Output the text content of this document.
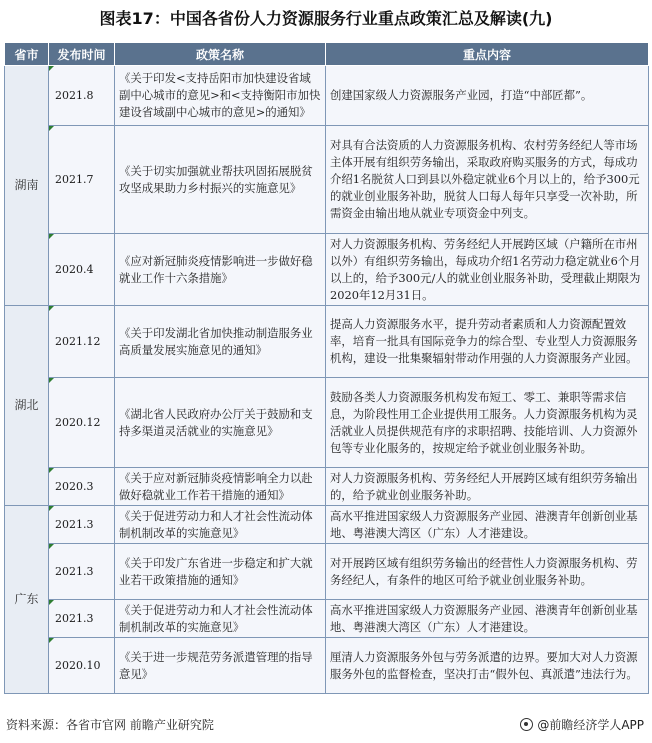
图表17：中国各省份人力资源服务行业重点政策汇总及解读(九)
省市	发布时间	政策名称	重点内容
湖南	2021.8	《关于印发<支持岳阳市加快建设省域副中心城市的意见>和<支持衡阳市加快建设省域副中心城市的意见>的通知》	创建国家级人力资源服务产业园，打造“中部匠都”。

2021.7	《关于切实加强就业帮扶巩固拓展脱贫攻坚成果助力乡村振兴的实施意见》	对具有合法资质的人力资源服务机构、农村劳务经纪人等市场主体开展有组织劳务输出，采取政府购买服务的方式，每成功介绍1名脱贫人口到县以外稳定就业6个月以上的，给予300元的就业创业服务补助，脱贫人口每人每年只享受一次补助，所需资金由输出地从就业专项资金中列支。

2020.4	《应对新冠肺炎疫情影响进一步做好稳就业工作十六条措施》	对人力资源服务机构、劳务经纪人开展跨区域（户籍所在市州以外）有组织劳务输出，每成功介绍1名劳动力稳定就业6个月以上的，给予300元/人的就业创业服务补助，受理截止期限为2020年12月31日。
湖北	2021.12	《关于印发湖北省加快推动制造服务业高质量发展实施意见的通知》	提高人力资源服务水平，提升劳动者素质和人力资源配置效率，培育一批具有国际竞争力的综合型、专业型人力资源服务机构，建设一批集聚辐射带动作用强的人力资源服务产业园。

2020.12	《湖北省人民政府办公厅关于鼓励和支持多渠道灵活就业的实施意见》	鼓励各类人力资源服务机构发布短工、零工、兼职等需求信息，为阶段性用工企业提供用工服务。人力资源服务机构为灵活就业人员提供规范有序的求职招聘、技能培训、人力资源外包等专业化服务的，按规定给予就业创业服务补助。

2020.3	《关于应对新冠肺炎疫情影响全力以赴做好稳就业工作若干措施的通知》	对人力资源服务机构、劳务经纪人开展跨区域有组织劳务输出的，给予就业创业服务补助。
广东	2021.3	《关于促进劳动力和人才社会性流动体制机制改革的实施意见》	高水平推进国家级人力资源服务产业园、港澳青年创新创业基地、粤港澳大湾区（广东）人才港建设。

2021.3	《关于印发广东省进一步稳定和扩大就业若干政策措施的通知》	对开展跨区域有组织劳务输出的经营性人力资源服务机构、劳务经纪人，有条件的地区可给予就业创业服务补助。

2021.3	《关于促进劳动力和人才社会性流动体制机制改革的实施意见》	高水平推进国家级人力资源服务产业园、港澳青年创新创业基地、粤港澳大湾区（广东）人才港建设。

2020.10	《关于进一步规范劳务派遣管理的指导意见》	厘清人力资源服务外包与劳务派遣的边界。要加大对人力资源服务外包的监督检查，坚决打击“假外包、真派遣”违法行为。
资料来源：各省市官网 前瞻产业研究院	@前瞻经济学人APP
